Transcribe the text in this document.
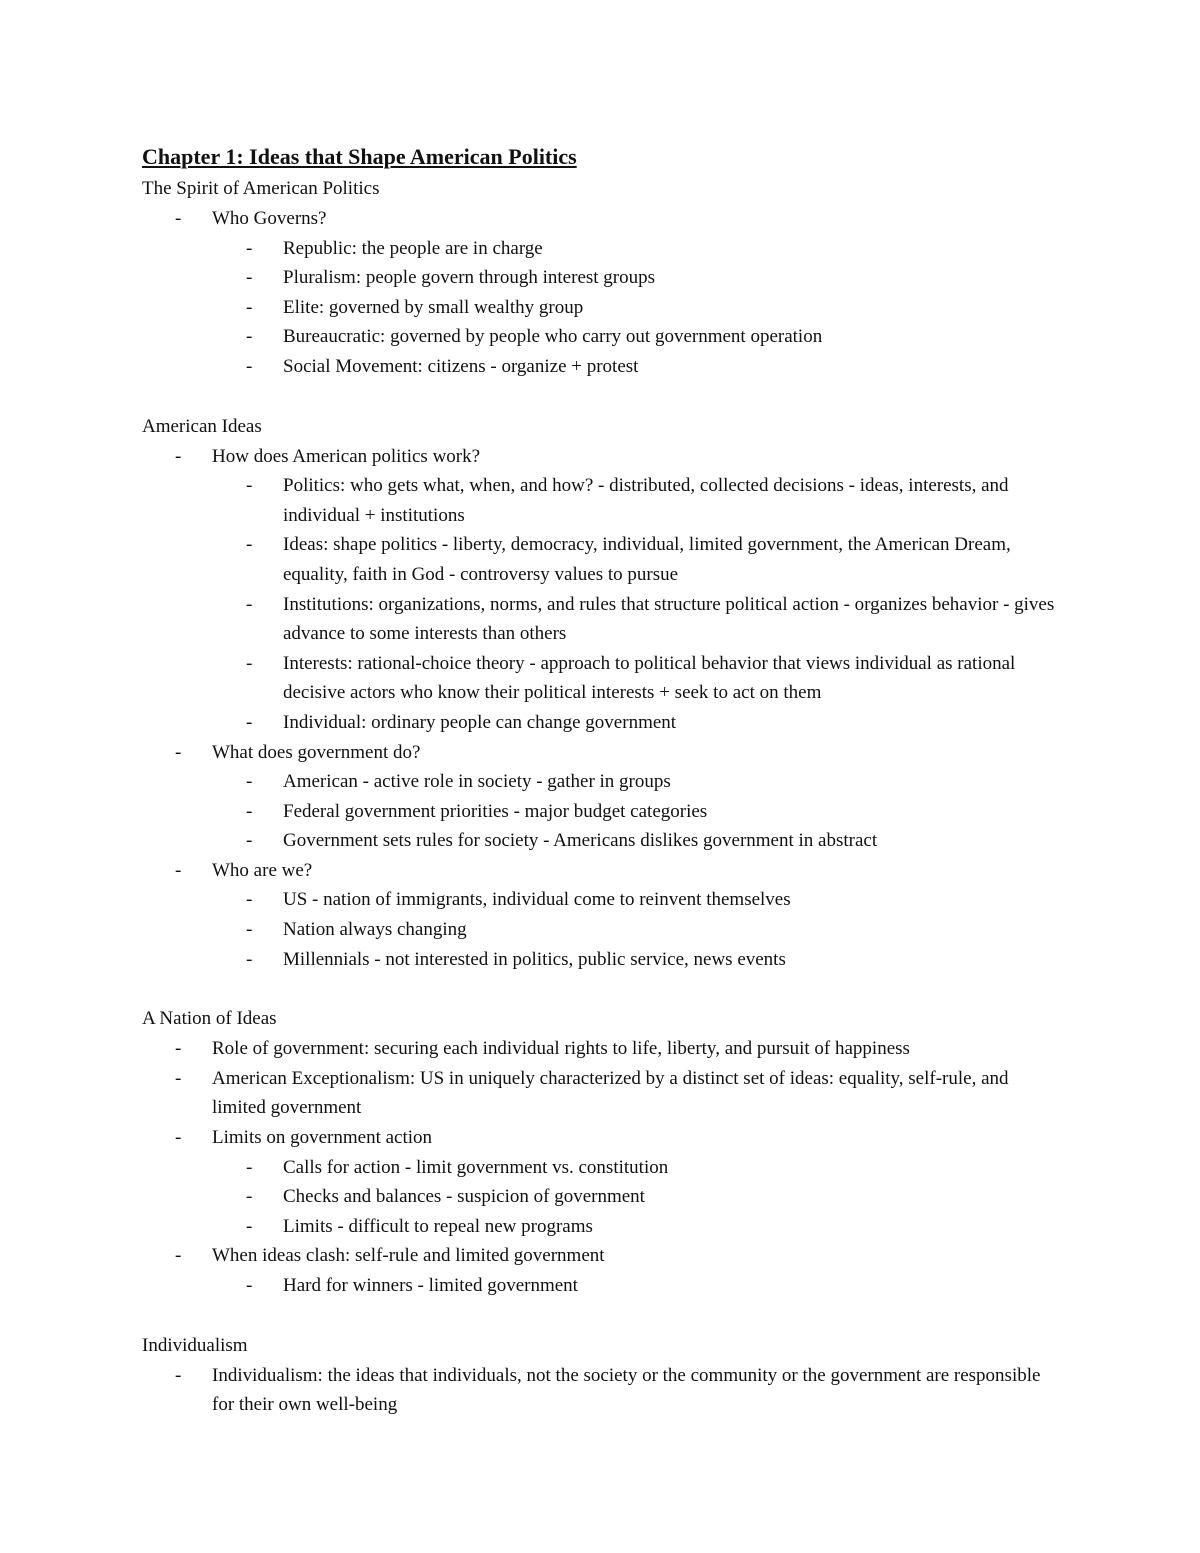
Chapter 1: Ideas that Shape American Politics
The Spirit of American Politics
- Who Governs?
- Republic: the people are in charge
- Pluralism: people govern through interest groups
- Elite: governed by small wealthy group
- Bureaucratic: governed by people who carry out government operation
- Social Movement: citizens - organize + protest
American Ideas
- How does American politics work?
- Politics: who gets what, when, and how? - distributed, collected decisions - ideas, interests, and individual + institutions
- Ideas: shape politics - liberty, democracy, individual, limited government, the American Dream, equality, faith in God - controversy values to pursue
- Institutions: organizations, norms, and rules that structure political action - organizes behavior - gives advance to some interests than others
- Interests: rational-choice theory - approach to political behavior that views individual as rational decisive actors who know their political interests + seek to act on them
- Individual: ordinary people can change government
- What does government do?
- American - active role in society - gather in groups
- Federal government priorities - major budget categories
- Government sets rules for society - Americans dislikes government in abstract
- Who are we?
- US - nation of immigrants, individual come to reinvent themselves
- Nation always changing
- Millennials - not interested in politics, public service, news events
A Nation of Ideas
- Role of government: securing each individual rights to life, liberty, and pursuit of happiness
- American Exceptionalism: US in uniquely characterized by a distinct set of ideas: equality, self-rule, and limited government
- Limits on government action
- Calls for action - limit government vs. constitution
- Checks and balances - suspicion of government
- Limits - difficult to repeal new programs
- When ideas clash: self-rule and limited government
- Hard for winners - limited government
Individualism
- Individualism: the ideas that individuals, not the society or the community or the government are responsible for their own well-being
